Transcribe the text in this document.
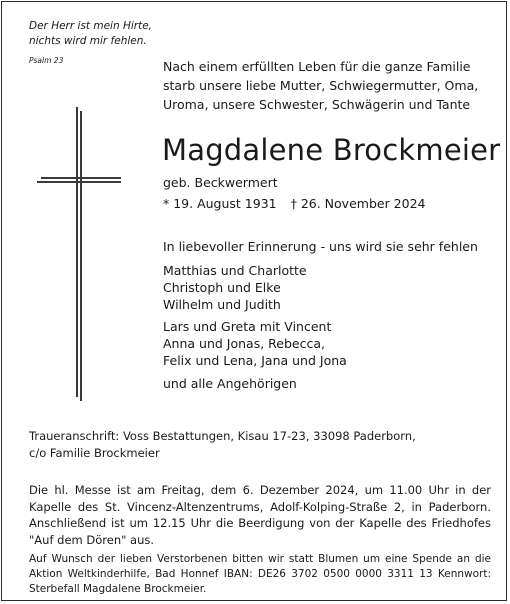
Der Herr ist mein Hirte,
nichts wird mir fehlen.
Psalm 23	Nach einem erfüllten Leben für die ganze Familie
starb unsere liebe Mutter, Schwiegermutter, Oma,
Uroma, unsere Schwester, Schwägerin und Tante
Magdalene Brockmeier
geb. Beckwermert
* 19. August 1931 † 26. November 2024
In liebevoller Erinnerung - uns wird sie sehr fehlen
Matthias und Charlotte
Christoph und Elke
Wilhelm und Judith
Lars und Greta mit Vincent
Anna und Jonas, Rebecca,
Felix und Lena, Jana und Jona
und alle Angehörigen
Traueranschrift: Voss Bestattungen, Kisau 17-23, 33098 Paderborn,
c/o Familie Brockmeier
Die hl. Messe ist am Freitag, dem 6. Dezember 2024, um 11.00 Uhr in der Kapelle des St. Vincenz-Altenzentrums, Adolf-Kolping-Straße 2, in Paderborn. Anschließend ist um 12.15 Uhr die Beerdigung von der Kapelle des Friedhofes "Auf dem Dören" aus.
Auf Wunsch der lieben Verstorbenen bitten wir statt Blumen um eine Spende an die Aktion Weltkinderhilfe, Bad Honnef IBAN: DE26 3702 0500 0000 3311 13 Kennwort: Sterbefall Magdalene Brockmeier.
